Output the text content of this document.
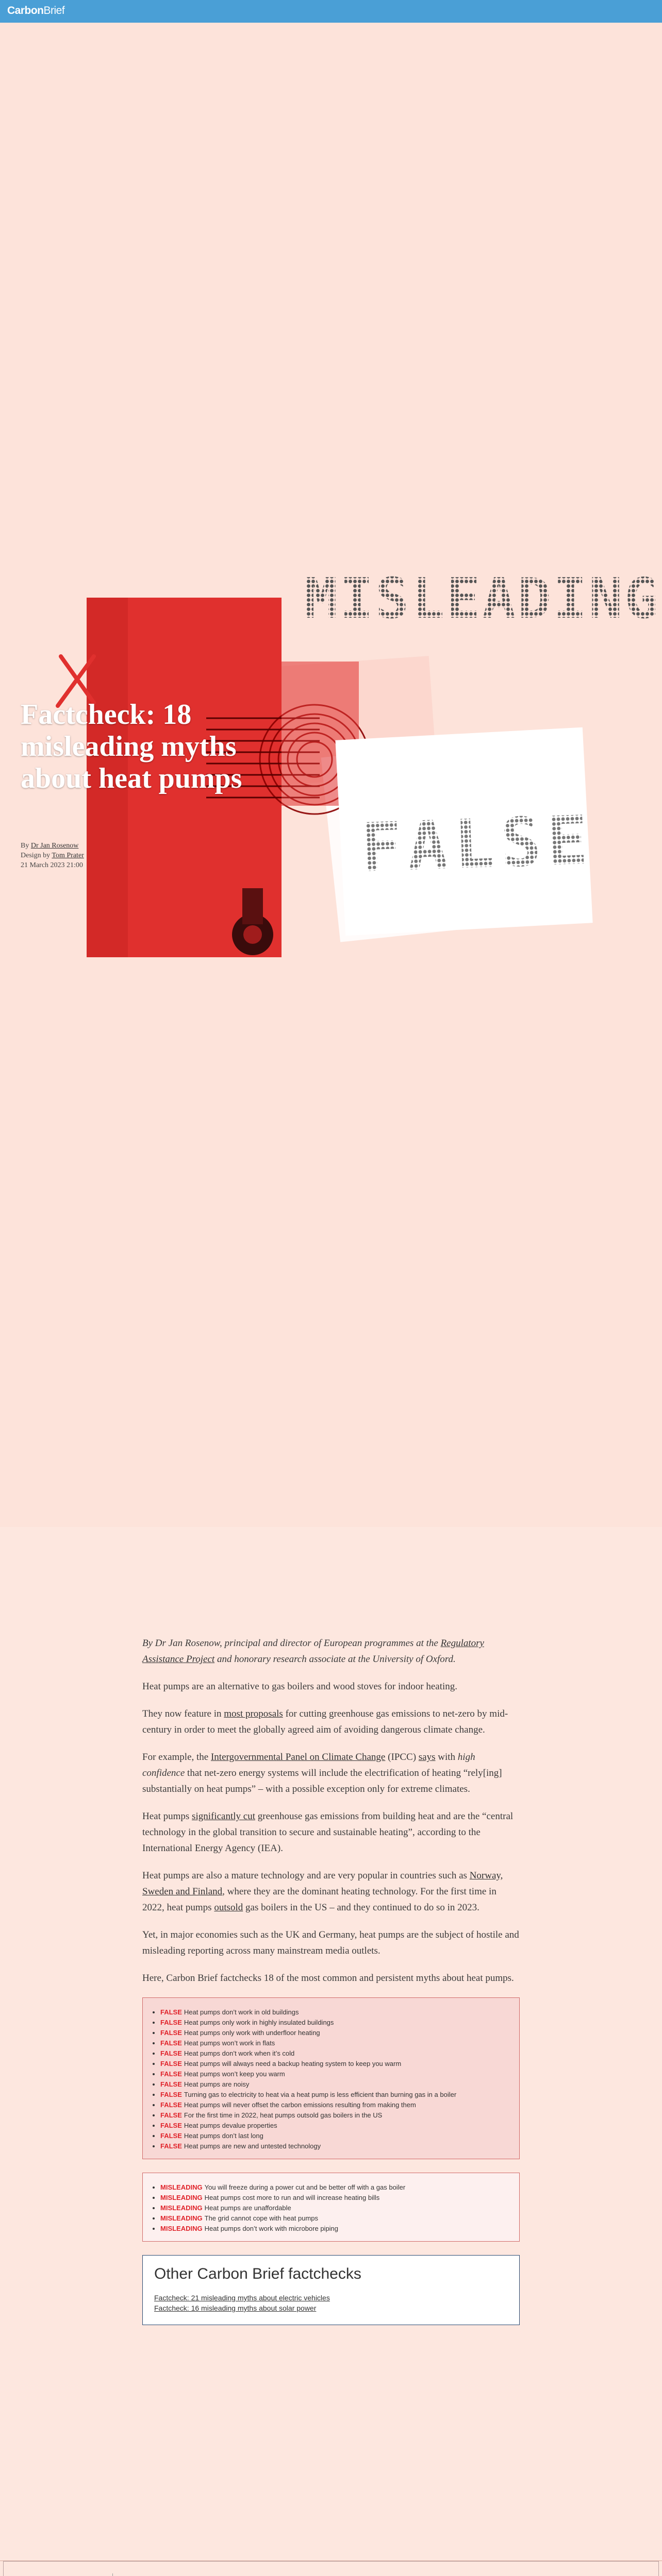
CarbonBrief
FALSE
MISLEADING
Factcheck: 18 misleading myths about heat pumps
By Dr Jan Rosenow
Design by Tom Prater
21 March 2023 21:00

By Dr Jan Rosenow, principal and director of European programmes at the Regulatory Assistance Project and honorary research associate at the University of Oxford.

Heat pumps are an alternative to gas boilers and wood stoves for indoor heating.

They now feature in most proposals for cutting greenhouse gas emissions to net-zero by mid-century in order to meet the globally agreed aim of avoiding dangerous climate change.

For example, the Intergovernmental Panel on Climate Change (IPCC) says with high confidence that net-zero energy systems will include the electrification of heating “rely[ing] substantially on heat pumps” – with a possible exception only for extreme climates.

Heat pumps significantly cut greenhouse gas emissions from building heat and are the “central technology in the global transition to secure and sustainable heating”, according to the International Energy Agency (IEA).

Heat pumps are also a mature technology and are very popular in countries such as Norway, Sweden and Finland, where they are the dominant heating technology. For the first time in 2022, heat pumps outsold gas boilers in the US – and they continued to do so in 2023.

Yet, in major economies such as the UK and Germany, heat pumps are the subject of hostile and misleading reporting across many mainstream media outlets.

Here, Carbon Brief factchecks 18 of the most common and persistent myths about heat pumps.

• FALSE Heat pumps don’t work in old buildings
• FALSE Heat pumps only work in highly insulated buildings
• FALSE Heat pumps only work with underfloor heating
• FALSE Heat pumps won’t work in flats
• FALSE Heat pumps don’t work when it’s cold
• FALSE Heat pumps will always need a backup heating system to keep you warm
• FALSE Heat pumps won’t keep you warm
• FALSE Heat pumps are noisy
• FALSE Turning gas to electricity to heat via a heat pump is less efficient than burning gas in a boiler
• FALSE Heat pumps will never offset the carbon emissions resulting from making them
• FALSE For the first time in 2022, heat pumps outsold gas boilers in the US
• FALSE Heat pumps devalue properties
• FALSE Heat pumps don’t last long
• FALSE Heat pumps are new and untested technology
• MISLEADING You will freeze during a power cut and be better off with a gas boiler
• MISLEADING Heat pumps cost more to run and will increase heating bills
• MISLEADING Heat pumps are unaffordable
• MISLEADING The grid cannot cope with heat pumps
• MISLEADING Heat pumps don’t work with microbore piping
Other Carbon Brief factchecks
Factcheck: 21 misleading myths about electric vehicles
Factcheck: 16 misleading myths about solar power
